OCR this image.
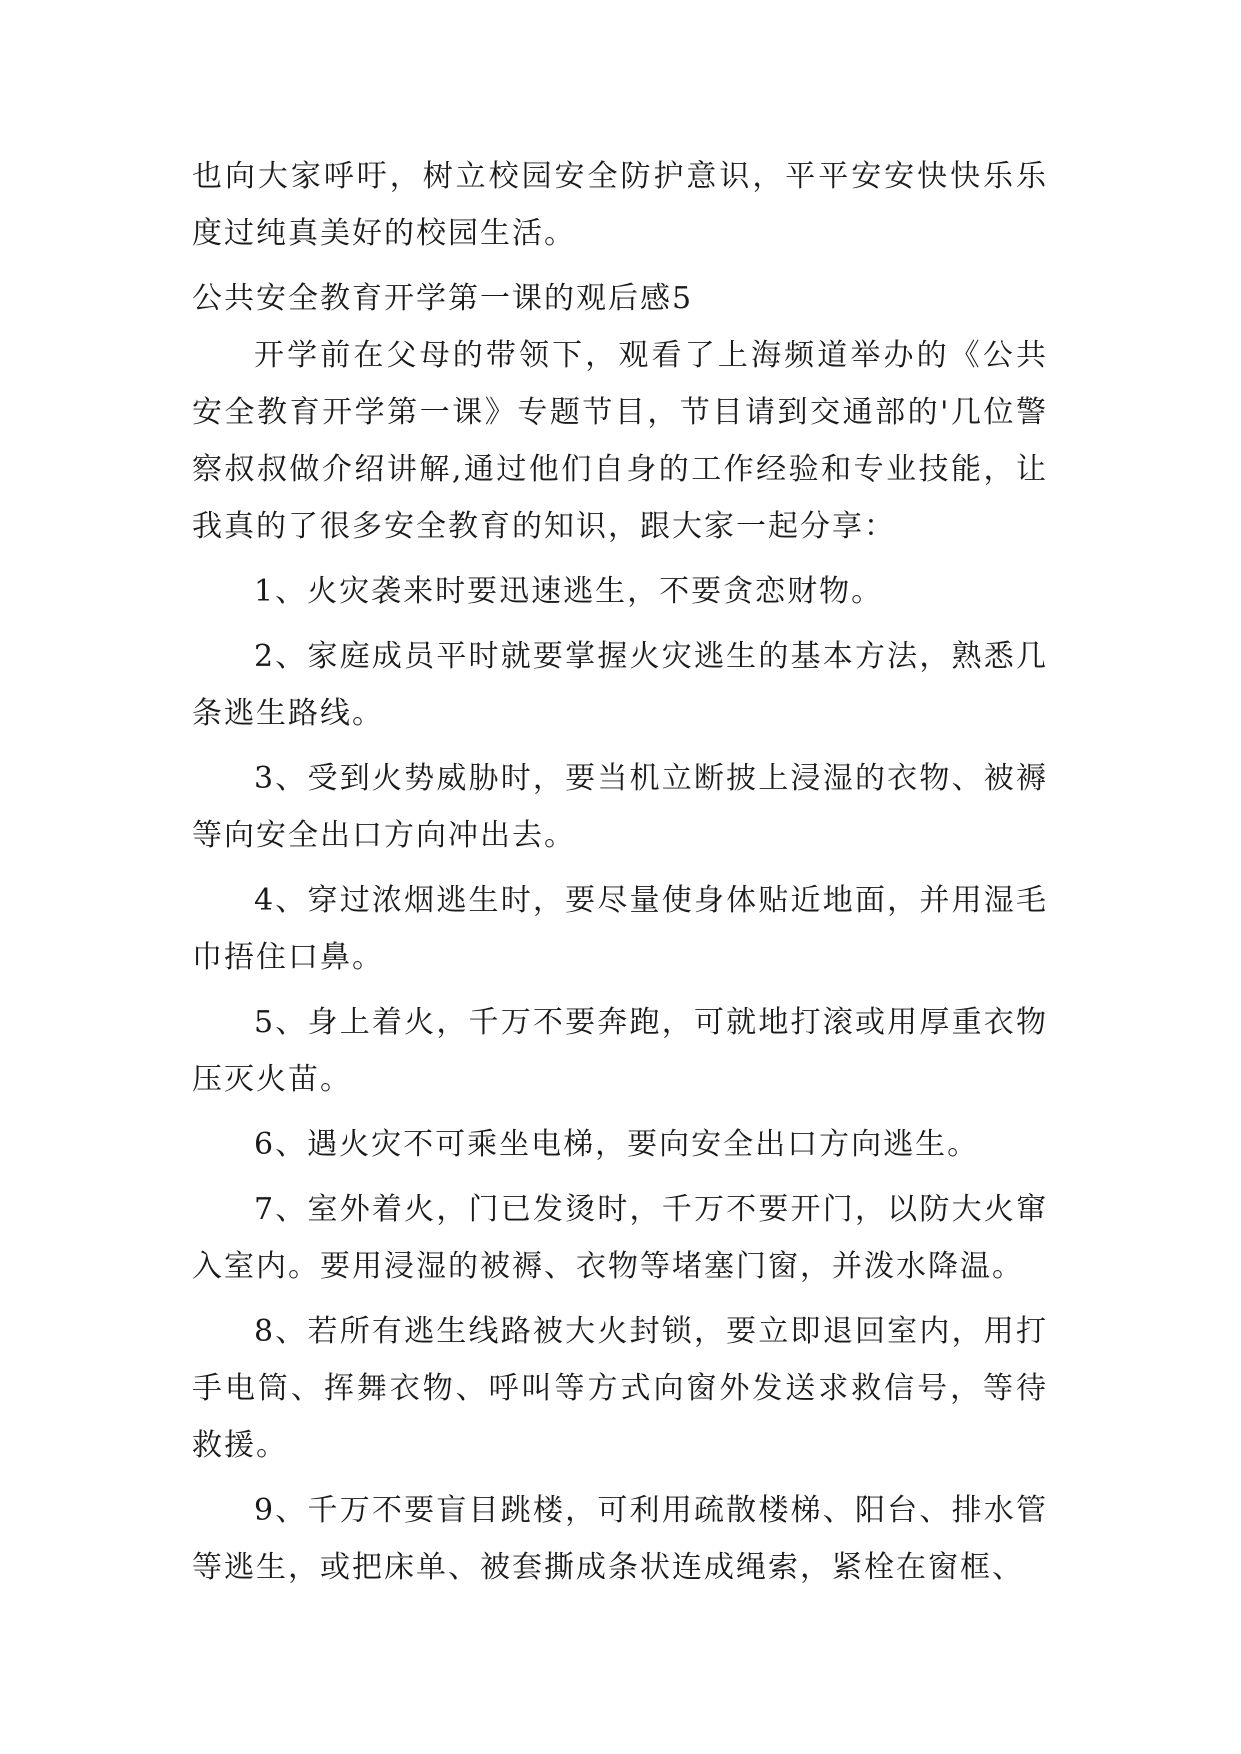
也向大家呼吁，树立校园安全防护意识，平平安安快快乐乐度过纯真美好的校园生活。

公共安全教育开学第一课的观后感5

开学前在父母的带领下，观看了上海频道举办的《公共安全教育开学第一课》专题节目，节目请到交通部的'几位警察叔叔做介绍讲解,通过他们自身的工作经验和专业技能，让我真的了很多安全教育的知识，跟大家一起分享：

1、火灾袭来时要迅速逃生，不要贪恋财物。

2、家庭成员平时就要掌握火灾逃生的基本方法，熟悉几条逃生路线。

3、受到火势威胁时，要当机立断披上浸湿的衣物、被褥等向安全出口方向冲出去。

4、穿过浓烟逃生时，要尽量使身体贴近地面，并用湿毛巾捂住口鼻。

5、身上着火，千万不要奔跑，可就地打滚或用厚重衣物压灭火苗。

6、遇火灾不可乘坐电梯，要向安全出口方向逃生。

7、室外着火，门已发烫时，千万不要开门，以防大火窜入室内。要用浸湿的被褥、衣物等堵塞门窗，并泼水降温。

8、若所有逃生线路被大火封锁，要立即退回室内，用打手电筒、挥舞衣物、呼叫等方式向窗外发送求救信号，等待救援。

9、千万不要盲目跳楼，可利用疏散楼梯、阳台、排水管等逃生，或把床单、被套撕成条状连成绳索，紧栓在窗框、
